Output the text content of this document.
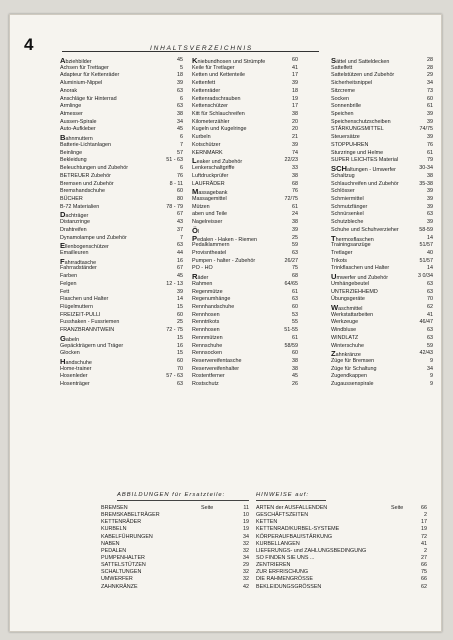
4	INHALTSVERZEICHNIS
Abziehbilder	45
Achsen für Trettager	5
Adapteur für Kettenräder	18
Aluminium-Nippel	39
Anorak	63
Anschläge für Hinterrad	6
Armlinge	63
Atmesser	38
Aussen-Spirale	34
Auto-Aufkleber	45
Bahnmuttern	6
Batterie-Lichtanlagen	7
Beinlinge	57
Bekleidung	51 - 63
Beleuchtungen und Zubehör	6
BETREUER Zubehör	76
Bremsen und Zubehör	8 - 11
Bremshandschuhe	60
BÜCHER	80
B-72 Materialien	78 - 79
Dachträger	67
Distanzringe	43
Drahtreifen	37
Dynamolampe und Zubehör	7
Ellenbogenschützer	63
Emailleuren	44
Fahrradtasche	16
Fahrradständer	67
Farben	45
Felgen	12 - 13
Fett	39
Flaschen und Halter	14
Flügelmuttern	15
FREIZEIT-PULLI	60
Fusshaken - Fussriemen	25
FRANZBRANNTWEIN	72 - 75
Gabeln	15
Gepäckträgern und Träger	16
Glocken	15
Handschuhe	60
Home-trainer	70
Hosenleder	57 - 63
Hosenträger	63
Kniebundhosen und Strümpfe	60
Keile für Tretlager	41
Ketten und Kettenteile	17
Kettenfett	39
Kettenräder	18
Kettenradschrauben	19
Kettenschützer	17
Kitt für Schlauchreifen	38
Kilometerzähler	20
Kugeln und Kugelringe	20
Kurbeln	21
Kotschützer	39
KERNMARK	74
Leaker und Zubehör	22/23
Lenkerschaltgriffe	33
Luftdruckprüfer	38
LAUFRÄDER	68
Massagebank	76
Massagemittel	72/75
Mützen	61
aben und Teile	24
Nagelreisser	38
Öl	39
Pedalen - Haken - Riemen	25
Pedalklammern	59
Provisntheatel	63
Pumpen - halter - Zubehör	26/27
PO - HO	75
Räder	68
Rahmen	64/65
Regenmütze	61
Regenumhänge	63
Rennhandschuhe	60
Rennhosen	53
Renntrikots	55
Rennhosen	51-55
Rennmützen	61
Rennschuhe	58/59
Rennsocken	60
Reservereifentasche	38
Reservereifenhalter	38
Rostentferner	45
Rostschutz	26
Sättel und Satteldecken	28
Sattelfett	28
Sattelstützen und Zubehör	29
Sicherheitsnippel	34
Sitzcreme	73
Socken	60
Sonnenbrille	61
Speichen	39
Speichenschutzscheiben	39
STÄRKUNGSMITTEL	74/75
Steuersätze	39
STOPPUHREN	76
Sturzringe und Helme	61
SUPER LEICHTES Material	79
SCHaltungen - Umwerfer	30-34
Schaltzug	38
Schlauchreifen und Zubehör	35-38
Schlösser	39
Schmiermittel	39
Schmutzfänger	39
Schnürsenkel	63
Schutzbleche	39
Schuhe und Schuhverzieher	58-59
Thermosflaschen	14
Trainingsanzüge	51/57
Tretlager	40
Trikots	51/57
Trinkflaschen und Halter	14
Umwerfer und Zubehör	3 0/34
Umhängebeutel	63
UNTERZIEHHEMD	63
Übungsgeräte	70
Waschmittel	62
Werkstattarbeiten	41
Werkzeuge	46/47
Windbluse	63
WINDLATZ	63
Winterschuhe	59
Zahnkränze	42/43
Züge für Bremsen	9
Züge für Schaltung	34
Zugendkappen	9
Zugaussenspirale	9
ABBILDUNGEN für Ersatzteile:
BREMSEN	Seite	11
BREMSKABELTRÄGER	10
KETTENRÄDER	19
KURBELN	19
KABELFÜHRUNGEN	34
NABEN	32
PEDALEN	32
PUMPENHALTER	34
SATTELSTÜTZEN	29
SCHALTUNGEN	32
UMWERFER	32
ZAHNKRÄNZE	42
HINWEISE auf:
ARTEN der AUSFALLENDEN	Seite	66
GESCHÄFTSZEITEN	2
KETTEN	17
KETTENRAD/KURBEL-SYSTEME	19
KÖRPERAUFBAU/STÄRKUNG	72
KURBELLANGEN	41
LIEFERUNGS- und ZAHLUNGSBEDINGUNG	2
SO FINDEN SIE UNS ...	27
ZENTRIEREN	66
ZUR ERFRISCHUNG	75
DIE RAHMENGRÖSSE	66
BEKLEIDUNGSGRÖSSEN	62
